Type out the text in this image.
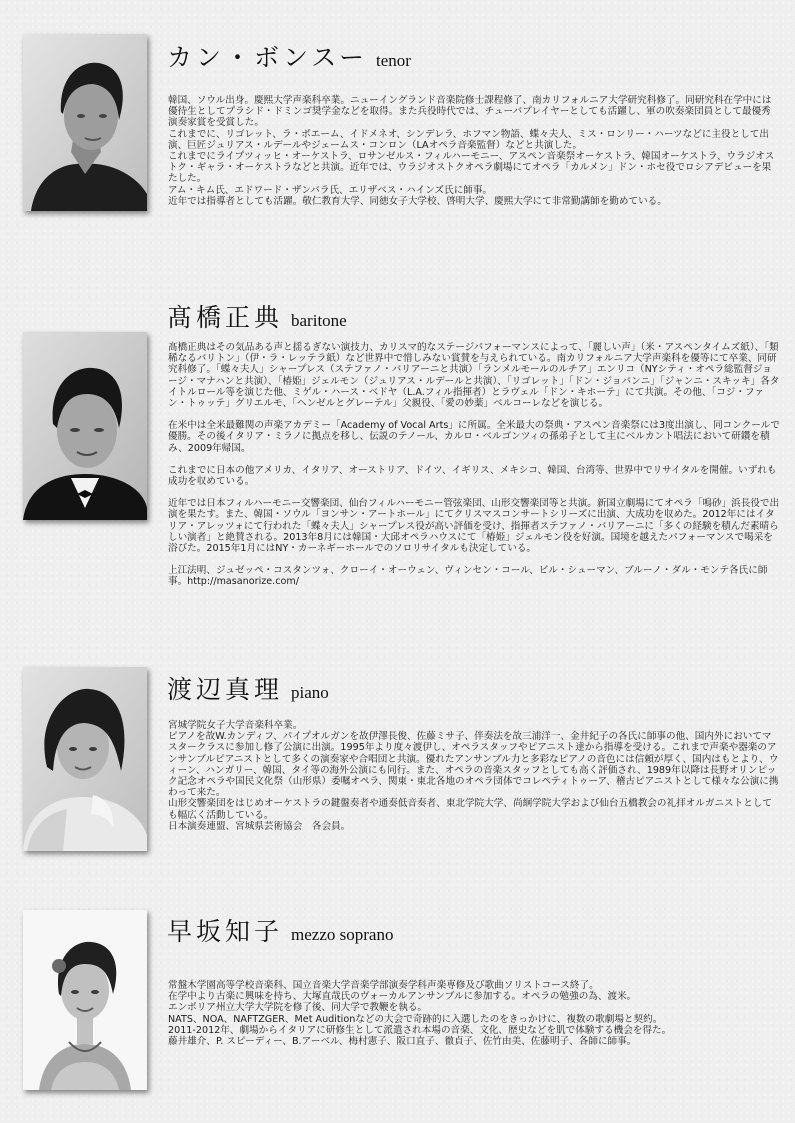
カン・ボンスー tenor

韓国、ソウル出身。慶熙大学声楽科卒業。ニューイングランド音楽院修士課程修了、南カリフォルニア大学研究科修了。同研究科在学中には優待生としてプラシド・ドミンゴ奨学金などを取得。また兵役時代では、チューバプレイヤーとしても活躍し、軍の吹奏楽団員として最優秀演奏家賞を受賞した。

これまでに、リゴレット、ラ・ボエーム、イドメネオ、シンデレラ、ホフマン物語、蝶々夫人、ミス・ロンリー・ハーツなどに主役として出演、巨匠ジュリアス・ルデールやジェームス・コンロン（LAオペラ音楽監督）などと共演した。

これまでにライプツィッヒ・オーケストラ、ロサンゼルス・フィルハーモニー、アスペン音楽祭オーケストラ、韓国オーケストラ、ウラジオストク・ギャラ・オーケストラなどと共演。近年では、ウラジオストクオペラ劇場にてオペラ「カルメン」ドン・ホセ役でロシアデビューを果たした。

アム・キム氏、エドワード・ザンバラ氏、エリザベス・ハインズ氏に師事。

近年では指導者としても活躍。敬仁教育大学、同徳女子大学校、啓明大学、慶熙大学にて非常勤講師を勤めている。

髙橋正典 baritone

髙橋正典はその気品ある声と揺るぎない演技力、カリスマ的なステージパフォーマンスによって、「麗しい声」（米・アスペンタイムズ紙）、「類稀なるバリトン」（伊・ラ・レッテラ紙）など世界中で惜しみない賞賛を与えられている。南カリフォルニア大学声楽科を優等にて卒業、同研究科修了。「蝶々夫人」シャープレス（ステファノ・バリアーニと共演）「ランメルモールのルチア」エンリコ（NYシティ・オペラ総監督ジョージ・マナハンと共演）、「椿姫」ジェルモン（ジュリアス・ルデールと共演）、「リゴレット」「ドン・ジョバンニ」「ジャンニ・スキッキ」各タイトルロール等を演じた他、ミゲル・ハース・ベドヤ（L.A.フィル指揮者）とラヴェル「ドン・キホーテ」にて共演。その他、「コジ・ファン・トゥッテ」グリエルモ、「ヘンゼルとグレーテル」父親役、「愛の妙薬」ベルコーレなどを演じる。

在米中は全米最難関の声楽アカデミー「Academy of Vocal Arts」に所属。全米最大の祭典・アスペン音楽祭には3度出演し、同コンクールで優勝。その後イタリア・ミラノに拠点を移し、伝説のテノール、カルロ・ベルゴンツィの孫弟子として主にベルカント唱法において研鑽を積み、2009年帰国。

これまでに日本の他アメリカ、イタリア、オーストリア、ドイツ、イギリス、メキシコ、韓国、台湾等、世界中でリサイタルを開催。いずれも成功を収めている。

近年では日本フィルハーモニー交響楽団、仙台フィルハーモニー管弦楽団、山形交響楽団等と共演。新国立劇場にてオペラ「鳴砂」浜長役で出演を果たす。また、韓国・ソウル「ヨンサン・アートホール」にてクリスマスコンサートシリーズに出演、大成功を収めた。2012年にはイタリア・アレッツォにて行われた「蝶々夫人」シャープレス役が高い評価を受け、指揮者ステファノ・バリアーニに「多くの経験を積んだ素晴らしい演者」と絶賛される。2013年8月には韓国・大邱オペラハウスにて「椿姫」ジェルモン役を好演。国境を越えたパフォーマンスで喝采を浴びた。2015年1月にはNY・カーネギーホールでのソロリサイタルも決定している。

上江法明、ジュゼッペ・コスタンツォ、クローイ・オーウェン、ヴィンセン・コール、ビル・シューマン、ブルーノ・ダル・モンテ各氏に師事。http://masanorize.com/

渡辺真理 piano

宮城学院女子大学音楽科卒業。

ピアノを故W.カンディフ、パイプオルガンを故伊澤長俊、佐藤ミサ子、伴奏法を故三浦洋一、金井紀子の各氏に師事の他、国内外においてマスタークラスに参加し修了公演に出演。1995年より度々渡伊し、オペラスタッフやピアニスト達から指導を受ける。これまで声楽や器楽のアンサンブルピアニストとして多くの演奏家や合唱団と共演。優れたアンサンブル力と多彩なピアノの音色には信頼が厚く、国内はもとより、ウィーン、ハンガリー、韓国、タイ等の海外公演にも同行。また、オペラの音楽スタッフとしても高く評価され、1989年以降は長野オリンピック記念オペラや国民文化祭（山形県）委嘱オペラ、関東・東北各地のオペラ団体でコレペティトゥーア、稽古ピアニストとして様々な公演に携わって来た。

山形交響楽団をはじめオーケストラの鍵盤奏者や通奏低音奏者、東北学院大学、尚絅学院大学および仙台五橋教会の礼拝オルガニストとしても幅広く活動している。

日本演奏連盟、宮城県芸術協会　各会員。

早坂知子 mezzo soprano

常盤木学園高等学校音楽科、国立音楽大学音楽学部演奏学科声楽専修及び歌曲ソリストコース終了。

在学中より古楽に興味を持ち、大塚直哉氏のヴォーカルアンサンブルに参加する。オペラの勉強の為、渡米。

エンポリア州立大学大学院を修了後、同大学で教鞭を執る。

NATS、NOA、NAFTZGER、Met Auditionなどの大会で奇跡的に入選したのをきっかけに、複数の歌劇場と契約。

2011-2012年、劇場からイタリアに研修生として派遣され本場の音楽、文化、歴史などを肌で体験する機会を得た。

藤井雄介、P. スピーディー、B.アーベル、梅村憲子、阪口直子、徹貞子、佐竹由美、佐藤明子、各師に師事。
